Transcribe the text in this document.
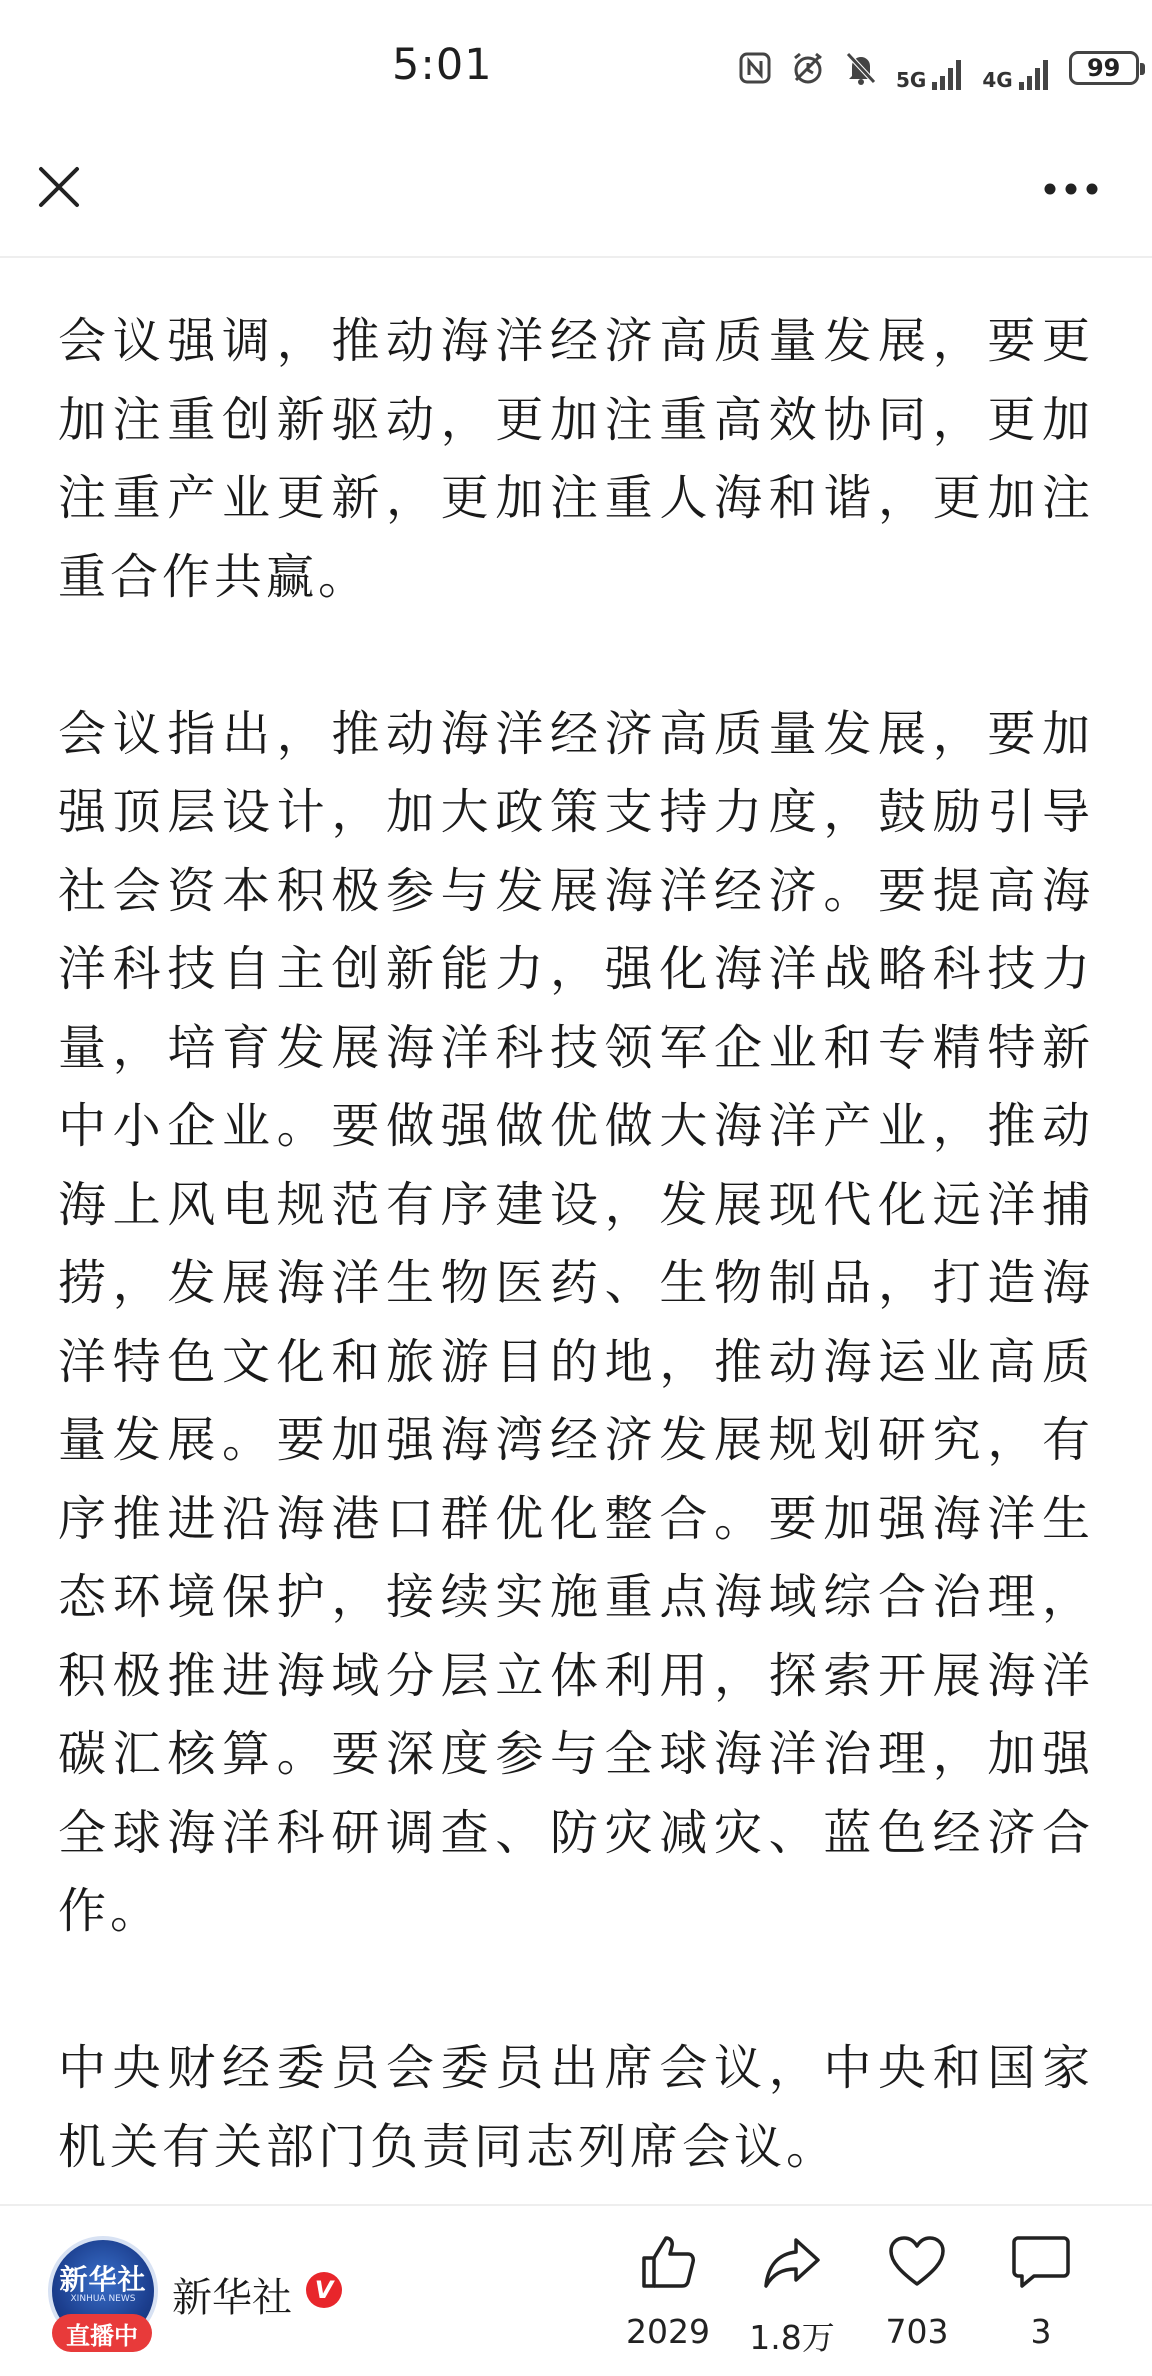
5:01	5G	4G	99

会议强调，推动海洋经济高质量发展，要更加注重创新驱动，更加注重高效协同，更加注重产业更新，更加注重人海和谐，更加注重合作共赢。

会议指出，推动海洋经济高质量发展，要加强顶层设计，加大政策支持力度，鼓励引导社会资本积极参与发展海洋经济。要提高海洋科技自主创新能力，强化海洋战略科技力量，培育发展海洋科技领军企业和专精特新中小企业。要做强做优做大海洋产业，推动海上风电规范有序建设，发展现代化远洋捕捞，发展海洋生物医药、生物制品，打造海洋特色文化和旅游目的地，推动海运业高质量发展。要加强海湾经济发展规划研究，有序推进沿海港口群优化整合。要加强海洋生态环境保护，接续实施重点海域综合治理，积极推进海域分层立体利用，探索开展海洋碳汇核算。要深度参与全球海洋治理，加强全球海洋科研调查、防灾减灾、蓝色经济合作。

中央财经委员会委员出席会议，中央和国家机关有关部门负责同志列席会议。

新华社
XINHUA NEWS
直播中
新华社 V
2029	1.8万	703	3
